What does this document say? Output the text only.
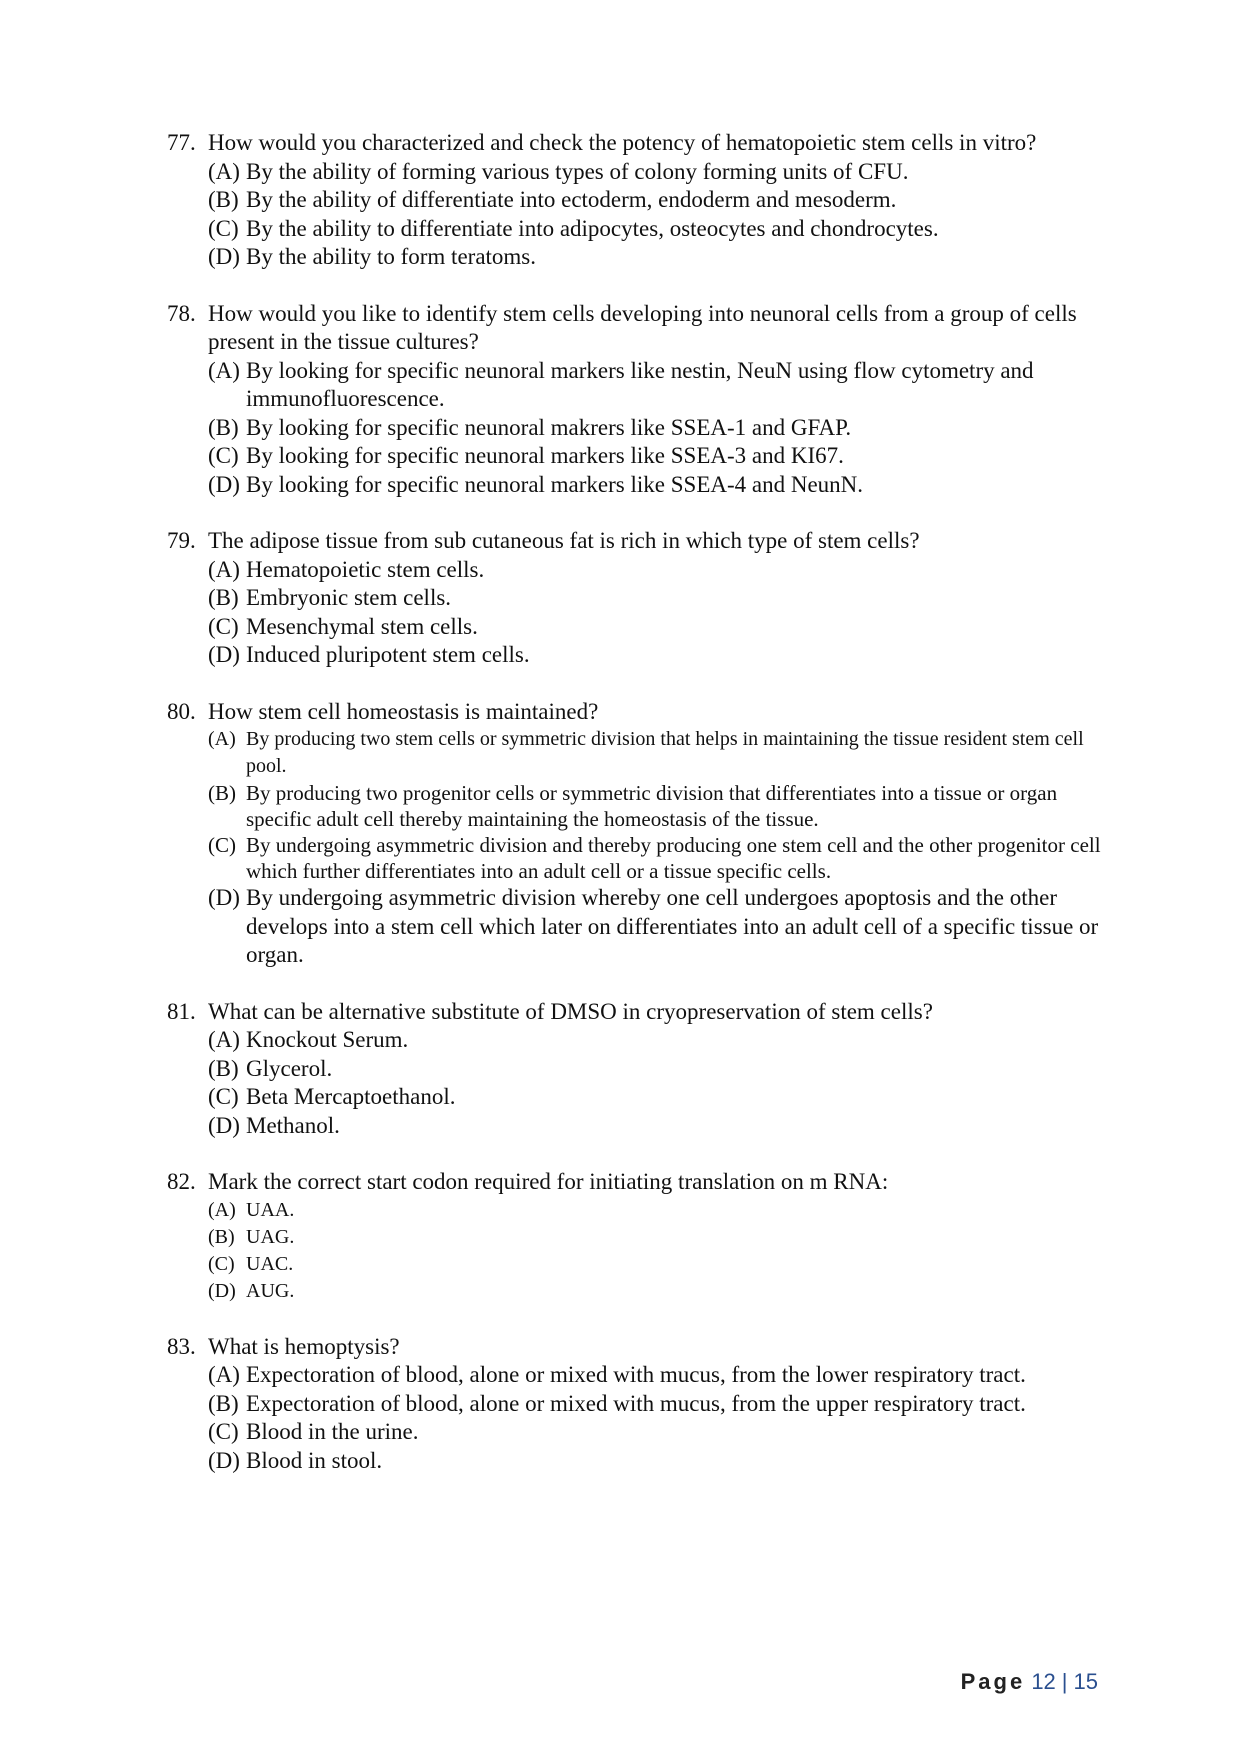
77. How would you characterized and check the potency of hematopoietic stem cells in vitro?
(A) By the ability of forming various types of colony forming units of CFU.
(B) By the ability of differentiate into ectoderm, endoderm and mesoderm.
(C) By the ability to differentiate into adipocytes, osteocytes and chondrocytes.
(D) By the ability to form teratoms.
78. How would you like to identify stem cells developing into neunoral cells from a group of cells present in the tissue cultures?
(A) By looking for specific neunoral markers like nestin, NeuN using flow cytometry and immunofluorescence.
(B) By looking for specific neunoral makrers like SSEA-1 and GFAP.
(C) By looking for specific neunoral markers like SSEA-3 and KI67.
(D) By looking for specific neunoral markers like SSEA-4 and NeunN.
79. The adipose tissue from sub cutaneous fat is rich in which type of stem cells?
(A) Hematopoietic stem cells.
(B) Embryonic stem cells.
(C) Mesenchymal stem cells.
(D) Induced pluripotent stem cells.
80. How stem cell homeostasis is maintained?
(A) By producing two stem cells or symmetric division that helps in maintaining the tissue resident stem cell pool.
(B) By producing two progenitor cells or symmetric division that differentiates into a tissue or organ specific adult cell thereby maintaining the homeostasis of the tissue.
(C) By undergoing asymmetric division and thereby producing one stem cell and the other progenitor cell which further differentiates into an adult cell or a tissue specific cells.
(D) By undergoing asymmetric division whereby one cell undergoes apoptosis and the other develops into a stem cell which later on differentiates into an adult cell of a specific tissue or organ.
81. What can be alternative substitute of DMSO in cryopreservation of stem cells?
(A) Knockout Serum.
(B) Glycerol.
(C) Beta Mercaptoethanol.
(D) Methanol.
82. Mark the correct start codon required for initiating translation on m RNA:
(A) UAA.
(B) UAG.
(C) UAC.
(D) AUG.
83. What is hemoptysis?
(A) Expectoration of blood, alone or mixed with mucus, from the lower respiratory tract.
(B) Expectoration of blood, alone or mixed with mucus, from the upper respiratory tract.
(C) Blood in the urine.
(D) Blood in stool.
Page 12 | 15
